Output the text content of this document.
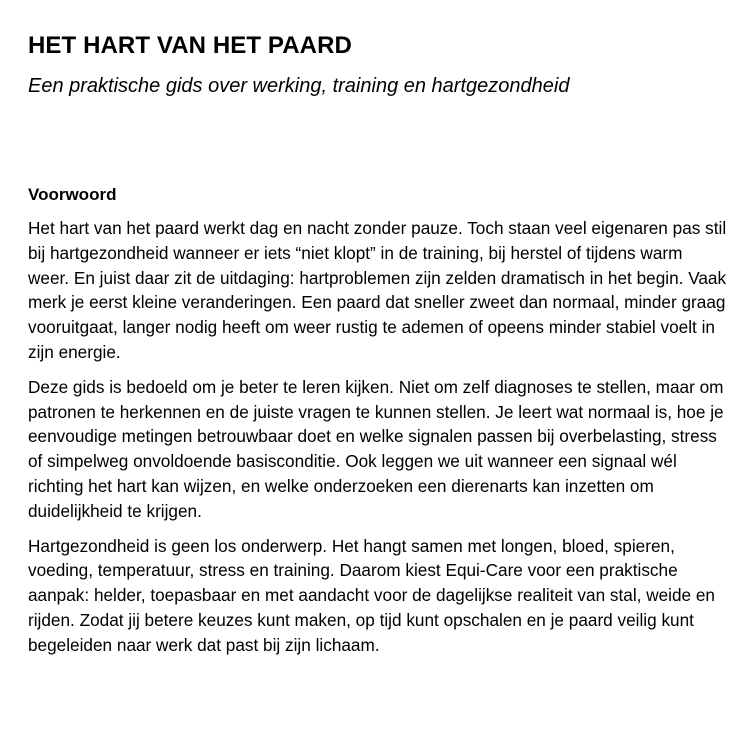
HET HART VAN HET PAARD

Een praktische gids over werking, training en hartgezondheid

Voorwoord

Het hart van het paard werkt dag en nacht zonder pauze. Toch staan veel eigenaren pas stil bij hartgezondheid wanneer er iets “niet klopt” in de training, bij herstel of tijdens warm weer. En juist daar zit de uitdaging: hartproblemen zijn zelden dramatisch in het begin. Vaak merk je eerst kleine veranderingen. Een paard dat sneller zweet dan normaal, minder graag vooruitgaat, langer nodig heeft om weer rustig te ademen of opeens minder stabiel voelt in zijn energie.

Deze gids is bedoeld om je beter te leren kijken. Niet om zelf diagnoses te stellen, maar om patronen te herkennen en de juiste vragen te kunnen stellen. Je leert wat normaal is, hoe je eenvoudige metingen betrouwbaar doet en welke signalen passen bij overbelasting, stress of simpelweg onvoldoende basisconditie. Ook leggen we uit wanneer een signaal wél richting het hart kan wijzen, en welke onderzoeken een dierenarts kan inzetten om duidelijkheid te krijgen.

Hartgezondheid is geen los onderwerp. Het hangt samen met longen, bloed, spieren, voeding, temperatuur, stress en training. Daarom kiest Equi-Care voor een praktische aanpak: helder, toepasbaar en met aandacht voor de dagelijkse realiteit van stal, weide en rijden. Zodat jij betere keuzes kunt maken, op tijd kunt opschalen en je paard veilig kunt begeleiden naar werk dat past bij zijn lichaam.
